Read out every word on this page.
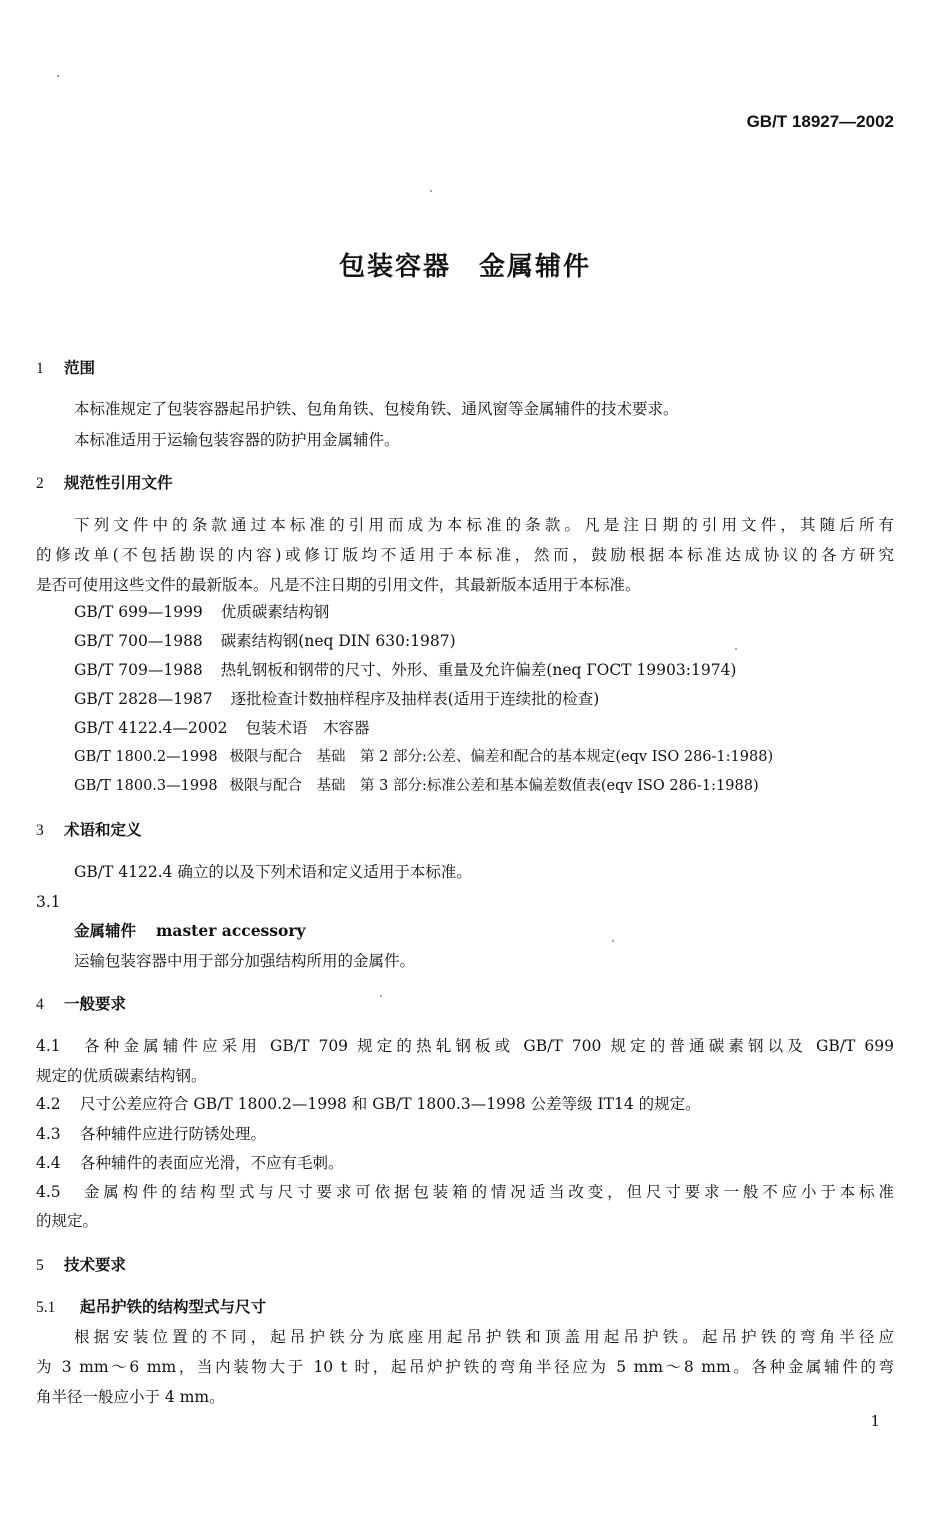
GB/T 18927—2002
包装容器　金属辅件
1 范围
本标准规定了包装容器起吊护铁、包角角铁、包棱角铁、通风窗等金属辅件的技术要求。
本标准适用于运输包装容器的防护用金属辅件。
2 规范性引用文件
下列文件中的条款通过本标准的引用而成为本标准的条款。凡是注日期的引用文件，其随后所有
的修改单(不包括勘误的内容)或修订版均不适用于本标准，然而，鼓励根据本标准达成协议的各方研究
是否可使用这些文件的最新版本。凡是不注日期的引用文件，其最新版本适用于本标准。
GB/T 699—1999 优质碳素结构钢
GB/T 700—1988 碳素结构钢(neq DIN 630:1987)
GB/T 709—1988 热轧钢板和钢带的尺寸、外形、重量及允许偏差(neq ГОСТ 19903:1974)
GB/T 2828—1987 逐批检查计数抽样程序及抽样表(适用于连续批的检查)
GB/T 4122.4—2002 包装术语　木容器
GB/T 1800.2—1998 极限与配合　基础　第 2 部分:公差、偏差和配合的基本规定(eqv ISO 286-1:1988)
GB/T 1800.3—1998 极限与配合　基础　第 3 部分:标准公差和基本偏差数值表(eqv ISO 286-1:1988)
3 术语和定义
GB/T 4122.4 确立的以及下列术语和定义适用于本标准。
3.1
金属辅件 master accessory
运输包装容器中用于部分加强结构所用的金属件。
4 一般要求
4.1 各种金属辅件应采用 GB/T 709 规定的热轧钢板或 GB/T 700 规定的普通碳素钢以及 GB/T 699
规定的优质碳素结构钢。
4.2 尺寸公差应符合 GB/T 1800.2—1998 和 GB/T 1800.3—1998 公差等级 IT14 的规定。
4.3 各种辅件应进行防锈处理。
4.4 各种辅件的表面应光滑，不应有毛刺。
4.5 金属构件的结构型式与尺寸要求可依据包装箱的情况适当改变，但尺寸要求一般不应小于本标准
的规定。
5 技术要求
5.1 起吊护铁的结构型式与尺寸
根据安装位置的不同，起吊护铁分为底座用起吊护铁和顶盖用起吊护铁。起吊护铁的弯角半径应
为 3 mm～6 mm，当内装物大于 10 t 时，起吊炉护铁的弯角半径应为 5 mm～8 mm。各种金属辅件的弯
角半径一般应小于 4 mm。
1
